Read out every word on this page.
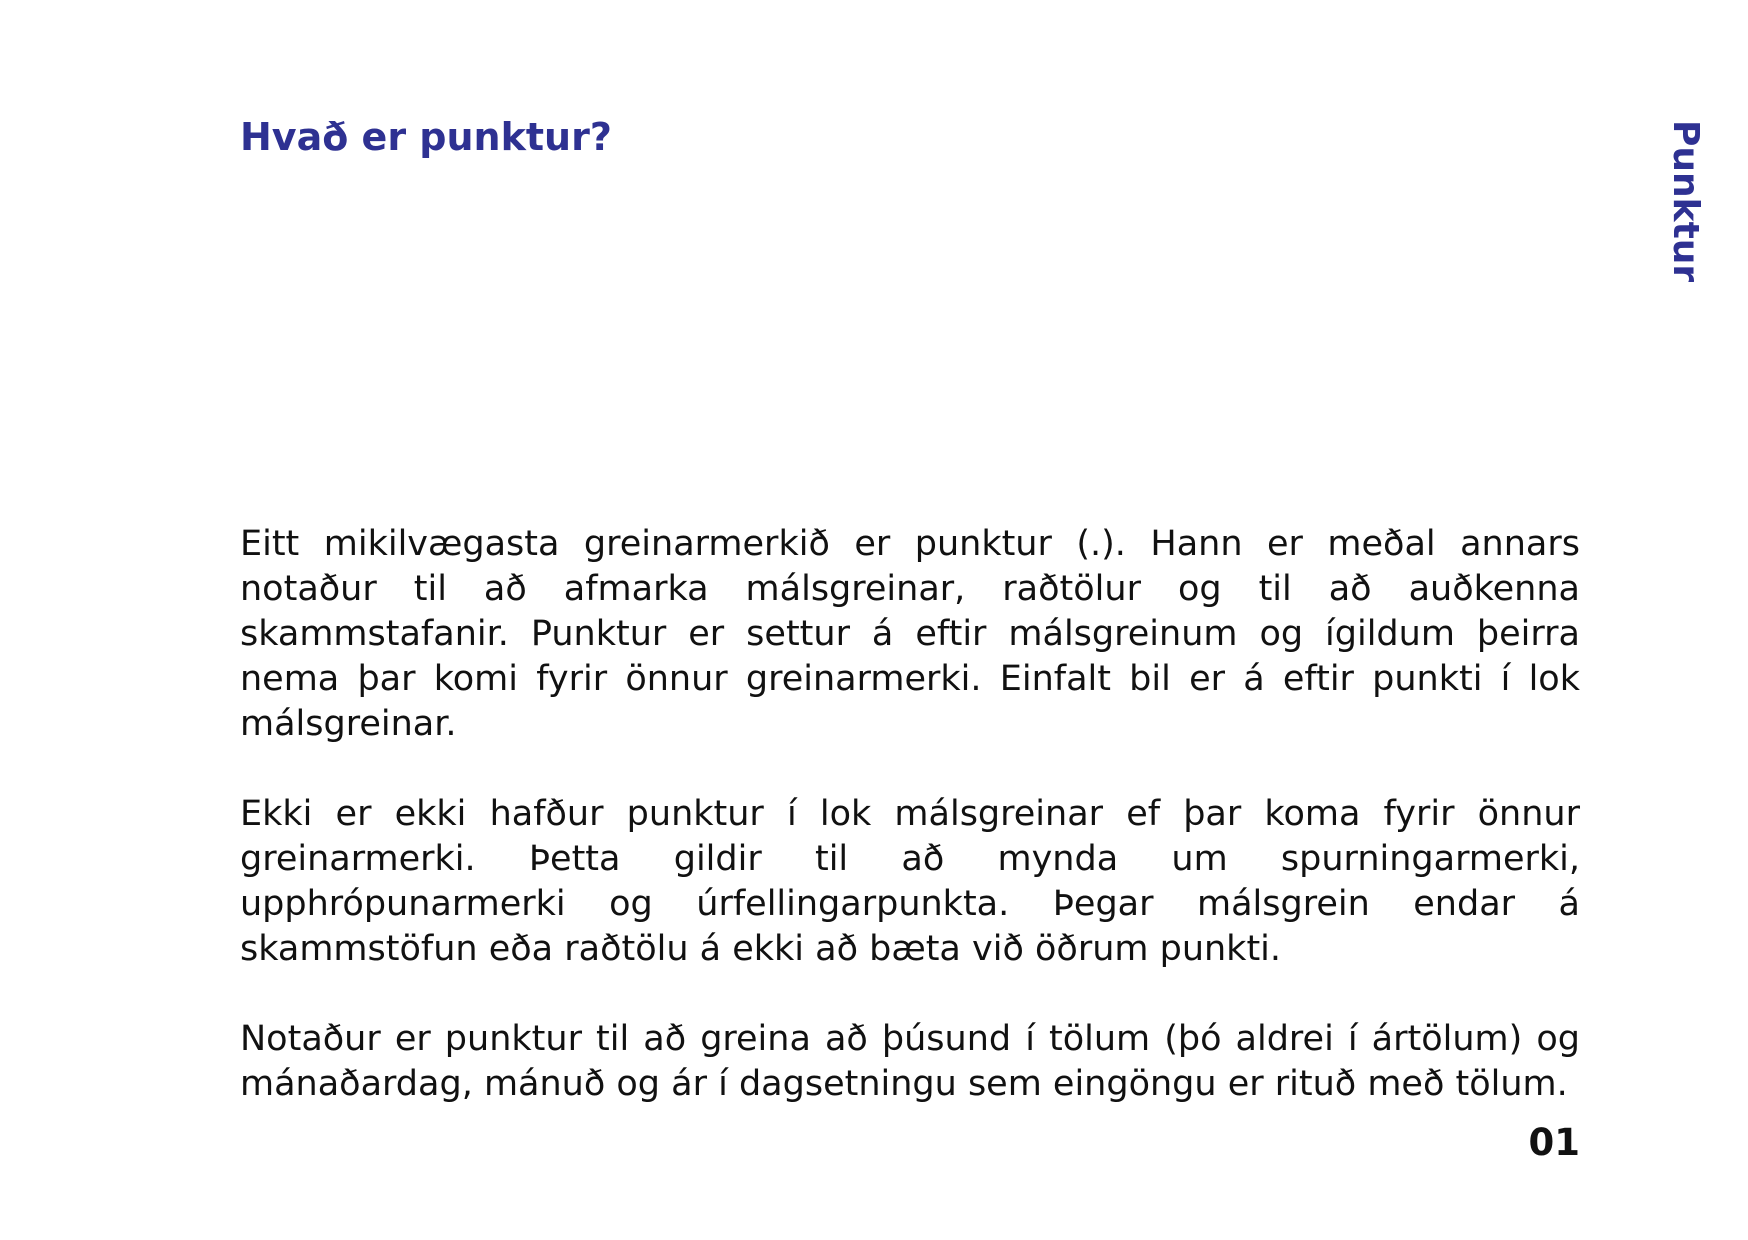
Hvað er punktur?	Punktur

Eitt mikilvægasta greinarmerkið er punktur (.). Hann er meðal annars notaður til að afmarka málsgreinar, raðtölur og til að auðkenna skammstafanir. Punktur er settur á eftir málsgreinum og ígildum þeirra nema þar komi fyrir önnur greinarmerki. Einfalt bil er á eftir punkti í lok málsgreinar.

Ekki er ekki hafður punktur í lok málsgreinar ef þar koma fyrir önnur greinarmerki. Þetta gildir til að mynda um spurningarmerki, upphrópunarmerki og úrfellingarpunkta. Þegar málsgrein endar á skammstöfun eða raðtölu á ekki að bæta við öðrum punkti.

Notaður er punktur til að greina að þúsund í tölum (þó aldrei í ártölum) og mánaðardag, mánuð og ár í dagsetningu sem eingöngu er rituð með tölum.

01
